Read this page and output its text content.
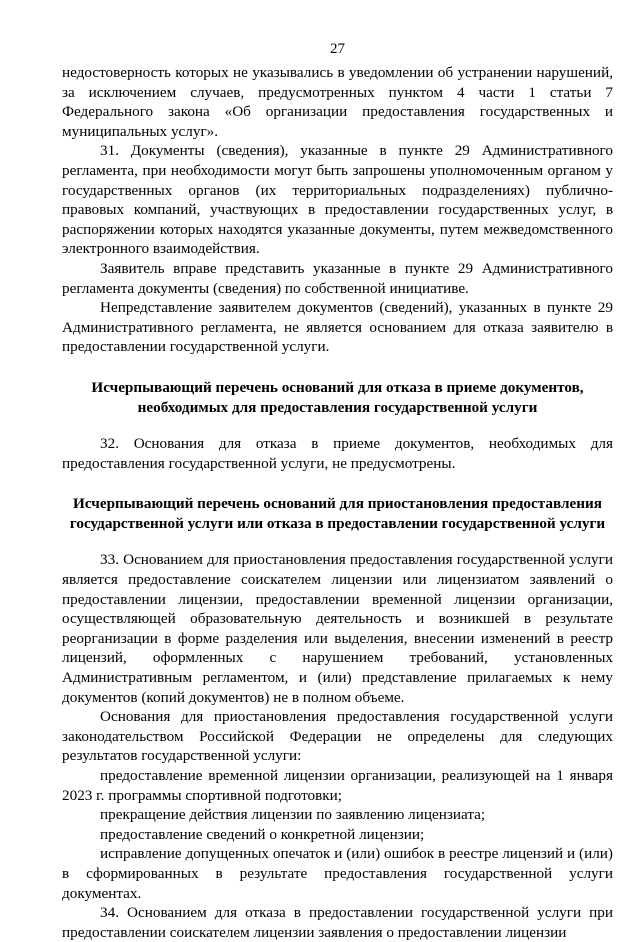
27

недостоверность которых не указывались в уведомлении об устранении нарушений, за исключением случаев, предусмотренных пунктом 4 части 1 статьи 7 Федерального закона «Об организации предоставления государственных и муниципальных услуг».

31. Документы (сведения), указанные в пункте 29 Административного регламента, при необходимости могут быть запрошены уполномоченным органом у государственных органов (их территориальных подразделениях) публично-правовых компаний, участвующих в предоставлении государственных услуг, в распоряжении которых находятся указанные документы, путем межведомственного электронного взаимодействия.

Заявитель вправе представить указанные в пункте 29 Административного регламента документы (сведения) по собственной инициативе.

Непредставление заявителем документов (сведений), указанных в пункте 29 Административного регламента, не является основанием для отказа заявителю в предоставлении государственной услуги.

Исчерпывающий перечень оснований для отказа в приеме документов, необходимых для предоставления государственной услуги

32. Основания для отказа в приеме документов, необходимых для предоставления государственной услуги, не предусмотрены.

Исчерпывающий перечень оснований для приостановления предоставления государственной услуги или отказа в предоставлении государственной услуги

33. Основанием для приостановления предоставления государственной услуги является предоставление соискателем лицензии или лицензиатом заявлений о предоставлении лицензии, предоставлении временной лицензии организации, осуществляющей образовательную деятельность и возникшей в результате реорганизации в форме разделения или выделения, внесении изменений в реестр лицензий, оформленных с нарушением требований, установленных Административным регламентом, и (или) представление прилагаемых к нему документов (копий документов) не в полном объеме.

Основания для приостановления предоставления государственной услуги законодательством Российской Федерации не определены для следующих результатов государственной услуги:

предоставление временной лицензии организации, реализующей на 1 января 2023 г. программы спортивной подготовки;

прекращение действия лицензии по заявлению лицензиата;

предоставление сведений о конкретной лицензии;

исправление допущенных опечаток и (или) ошибок в реестре лицензий и (или) в сформированных в результате предоставления государственной услуги документах.

34. Основанием для отказа в предоставлении государственной услуги при предоставлении соискателем лицензии заявления о предоставлении лицензии
